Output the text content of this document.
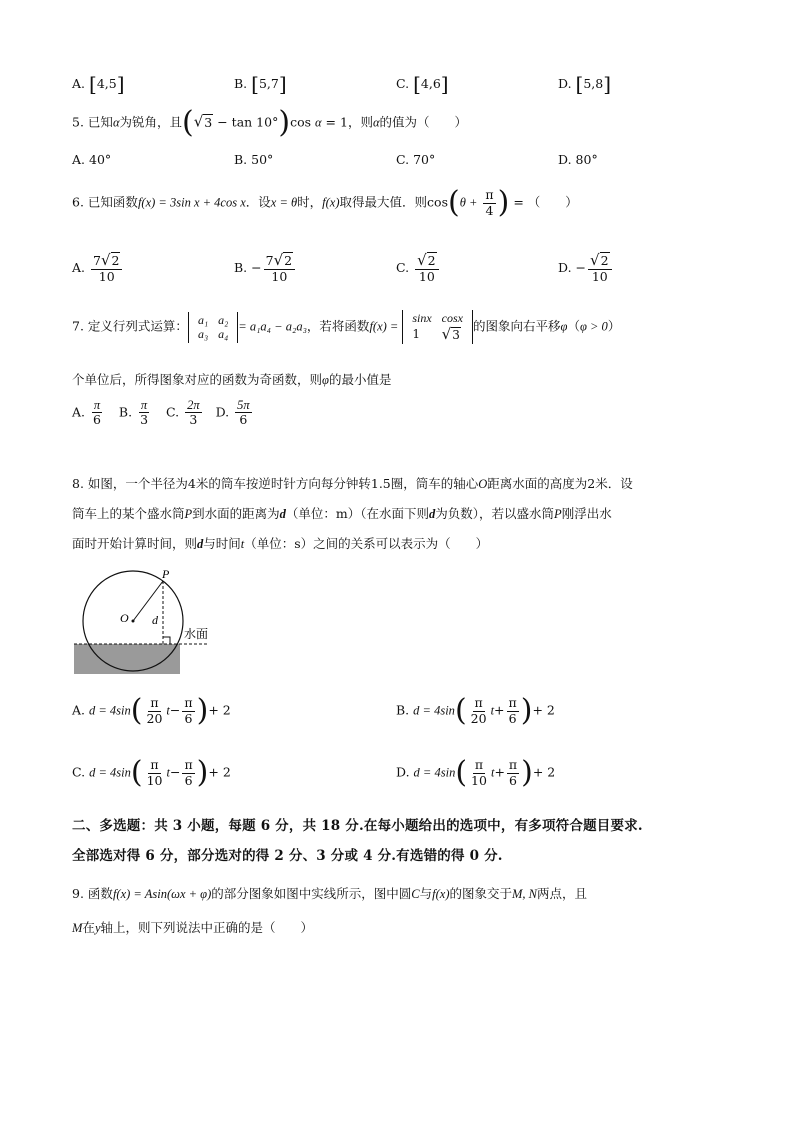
A. [4,5]	B. [5,7]	C. [4,6]	D. [5,8]
5. 已知α为锐角，且(√3 − tan 10°)cos α = 1，则α的值为（　　）
A. 40°	B. 50°	C. 70°	D. 80°
6. 已知函数f(x) = 3sin x + 4cos x．设x = θ时，f(x)取得最大值．则$\cos(\theta + \frac{\pi}{4}$ ) = （　　）
A. $\frac{7√2}{10}$	B. − $\frac{7√2}{10}$	C. $\frac{√2}{10}$	D. − $\frac{√2}{10}$
7. 定义行列式运算： a₁	a₂
a₃	a₄
= a₁a₄ − a₂a₃，若将函数f(x) =
sinx	cosx
1	√3
的图象向右平移φ（φ > 0）
个单位后，所得图象对应的函数为奇函数，则φ的最小值是
A. $\frac{\pi}{6} B$. $\frac{\pi}{3} C$. $\frac{2\pi}{3} D$. $\frac{5\pi}{6}$
8. 如图，一个半径为4米的筒车按逆时针方向每分钟转1.5圈，筒车的轴心O距离水面的高度为2米．设
筒车上的某个盛水筒P到水面的距离为d（单位：m）（在水面下则d为负数），若以盛水筒P刚浮出水
面时开始计算时间，则d与时间t（单位：s）之间的关系可以表示为（　　）
P
O d
水面
A. $d = 4\sin( \frac{\pi}{20} t- \frac{\pi}{6}$ )+ 2	B. $d = 4\sin( \frac{\pi}{20} t+ \frac{\pi}{6}$ )+ 2
C. $d = 4\sin( \frac{\pi}{10} t- \frac{\pi}{6}$ )+ 2	D. $d = 4\sin( \frac{\pi}{10} t+ \frac{\pi}{6}$ )+ 2
二、多选题：共 3 小题，每题 6 分，共 18 分.在每小题给出的选项中，有多项符合题目要求.
全部选对得 6 分，部分选对的得 2 分、3 分或 4 分.有选错的得 0 分.
9. 函数f(x) = Asin(ωx + φ)的部分图象如图中实线所示，图中圆C与f(x)的图象交于M, N两点，且
M在y轴上，则下列说法中正确的是（　　）
